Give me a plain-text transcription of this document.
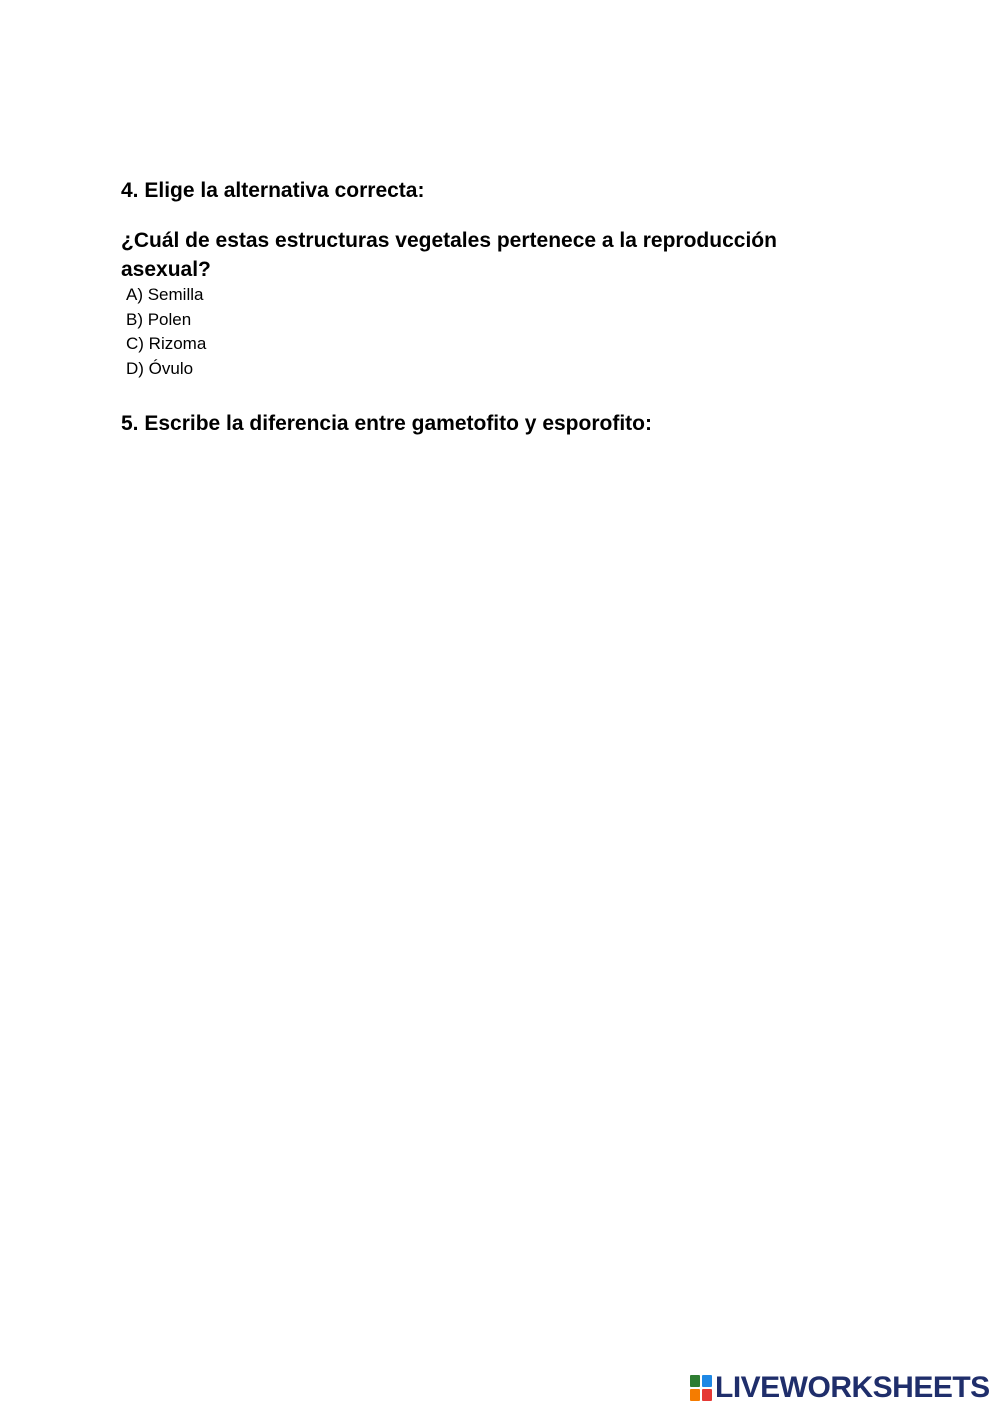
4. Elige la alternativa correcta:

¿Cuál de estas estructuras vegetales pertenece a la reproducción asexual?

A) Semilla
B) Polen
C) Rizoma
D) Óvulo
5. Escribe la diferencia entre gametofito y esporofito:
LIVEWORKSHEETS
